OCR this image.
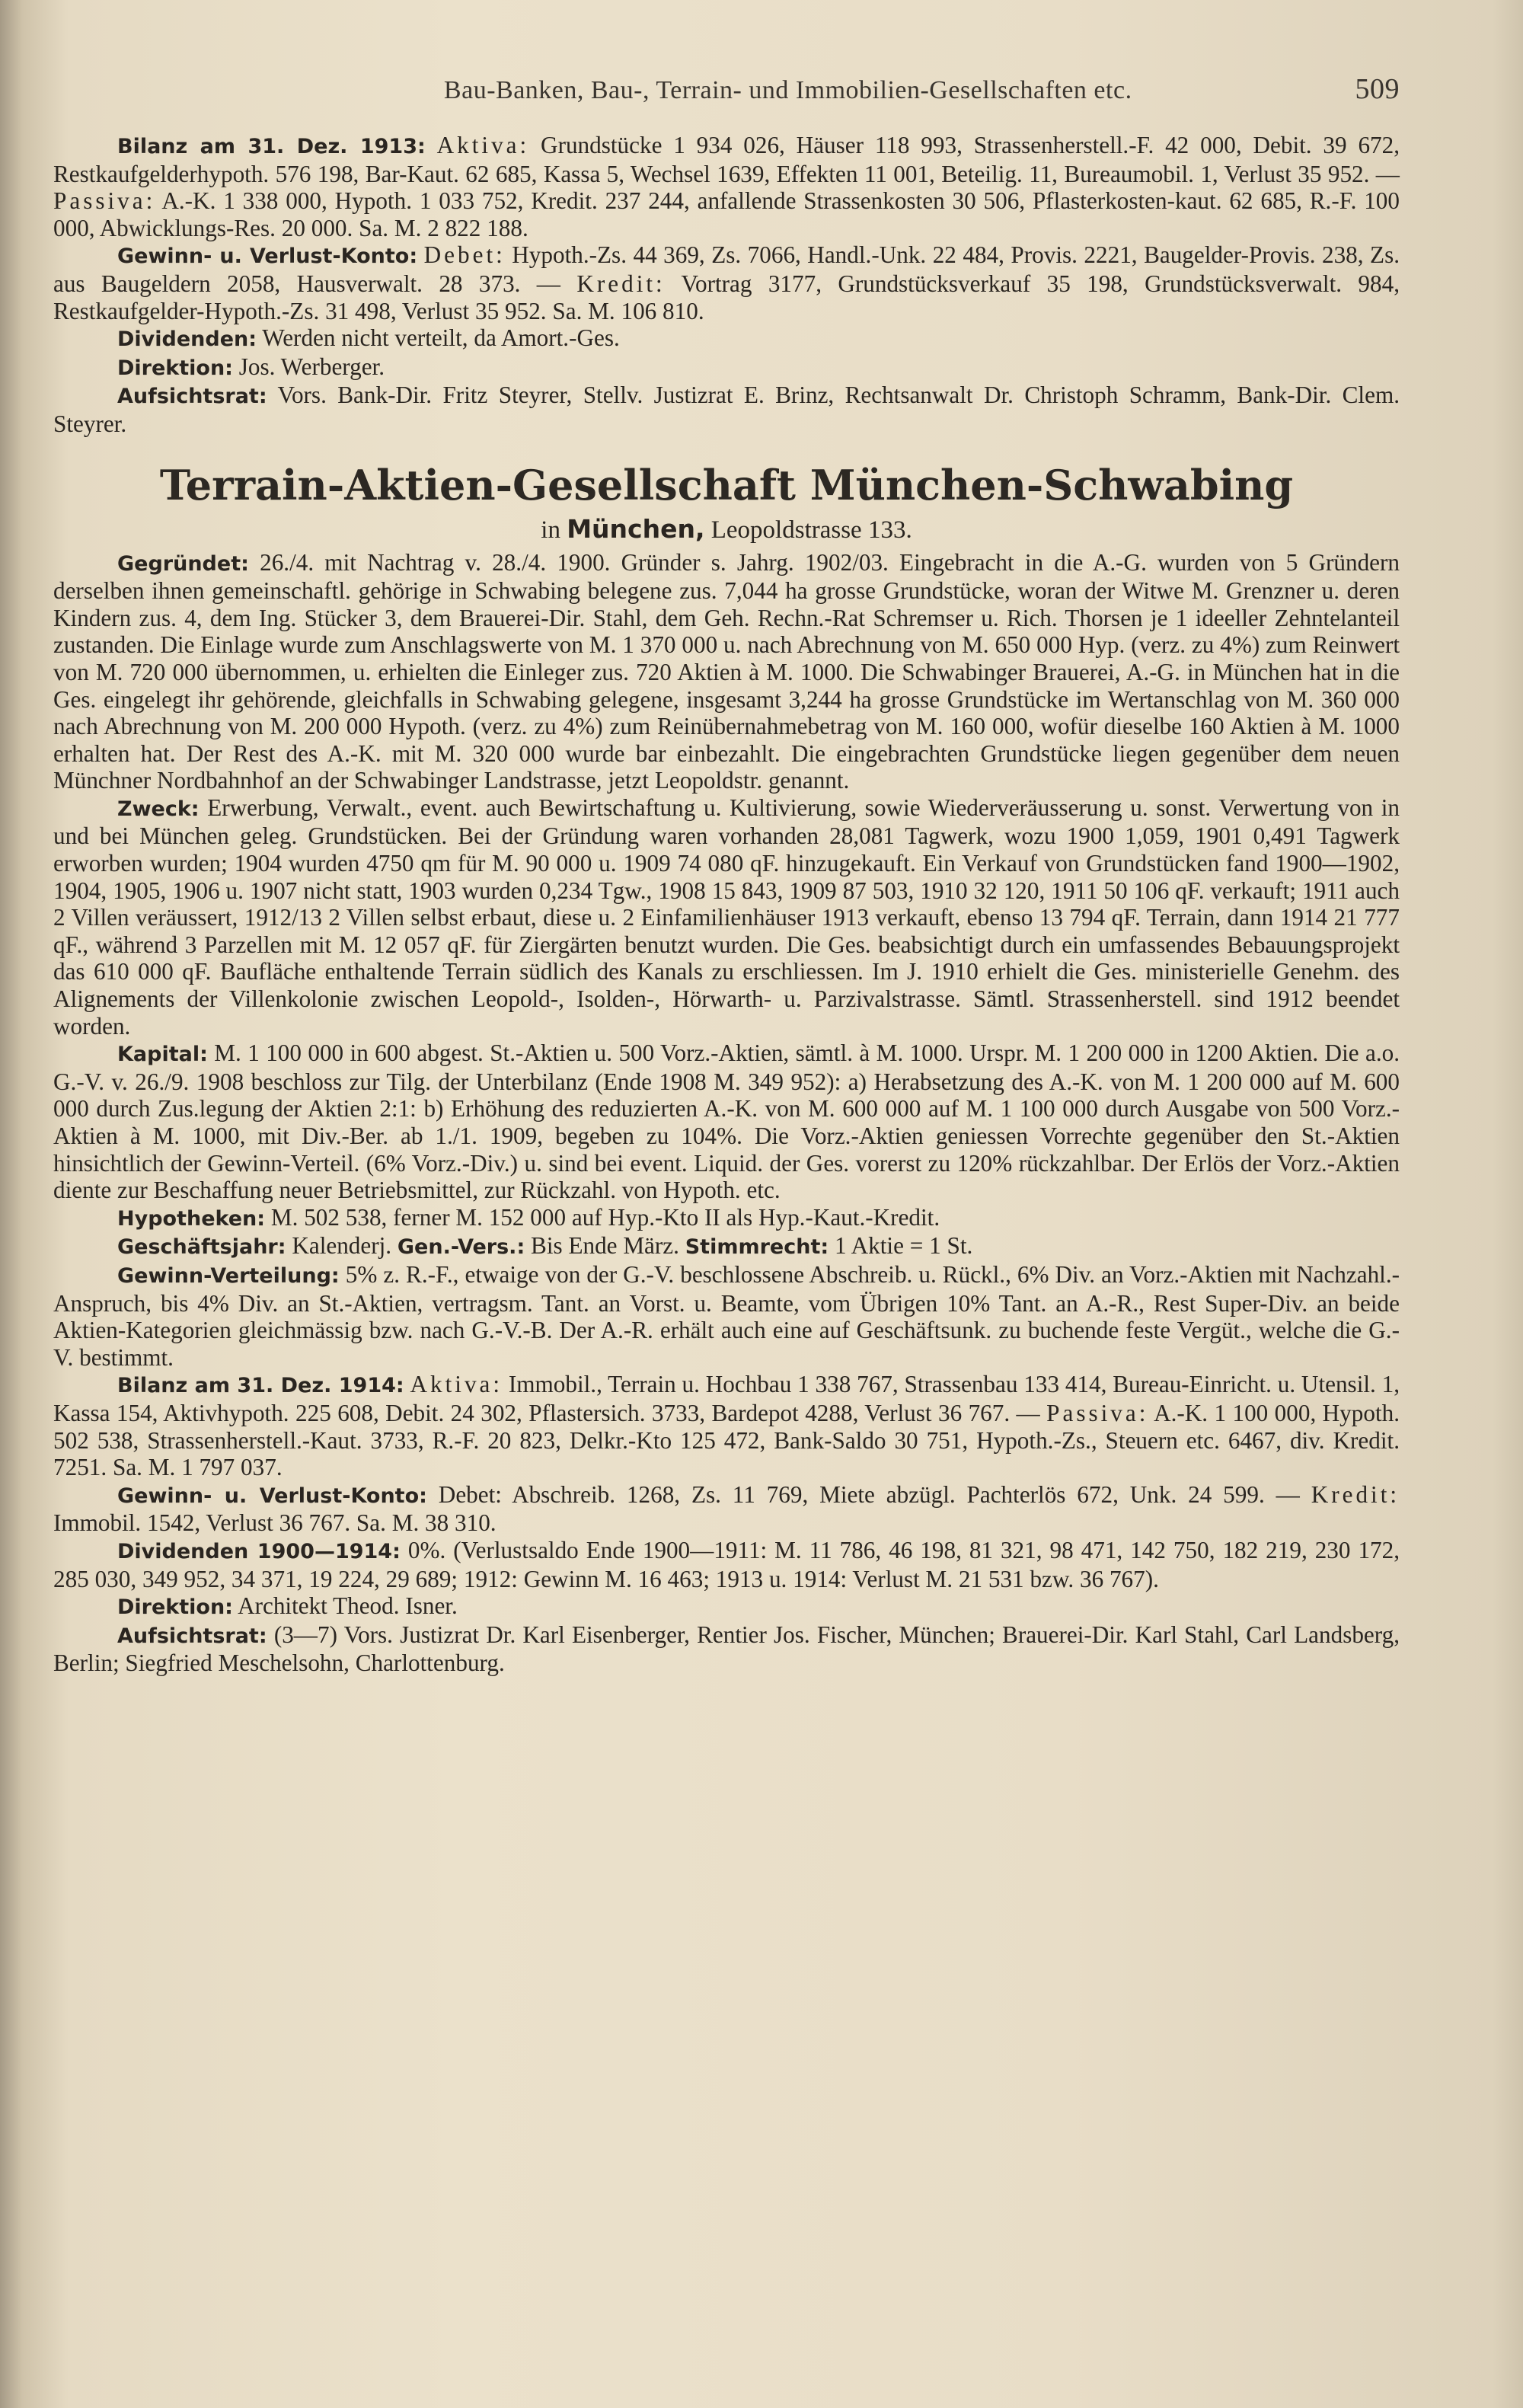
Bau-Banken, Bau-, Terrain- und Immobilien-Gesellschaften etc.	509

Bilanz am 31. Dez. 1913: Aktiva: Grundstücke 1 934 026, Häuser 118 993, Strassenherstell.-F. 42 000, Debit. 39 672, Restkaufgelderhypoth. 576 198, Bar-Kaut. 62 685, Kassa 5, Wechsel 1639, Effekten 11 001, Beteilig. 11, Bureaumobil. 1, Verlust 35 952. — Passiva: A.-K. 1 338 000, Hypoth. 1 033 752, Kredit. 237 244, anfallende Strassenkosten 30 506, Pflasterkosten-kaut. 62 685, R.-F. 100 000, Abwicklungs-Res. 20 000. Sa. M. 2 822 188.

Gewinn- u. Verlust-Konto: Debet: Hypoth.-Zs. 44 369, Zs. 7066, Handl.-Unk. 22 484, Provis. 2221, Baugelder-Provis. 238, Zs. aus Baugeldern 2058, Hausverwalt. 28 373. — Kredit: Vortrag 3177, Grundstücksverkauf 35 198, Grundstücksverwalt. 984, Restkaufgelder-Hypoth.-Zs. 31 498, Verlust 35 952. Sa. M. 106 810.

Dividenden: Werden nicht verteilt, da Amort.-Ges.

Direktion: Jos. Werberger.

Aufsichtsrat: Vors. Bank-Dir. Fritz Steyrer, Stellv. Justizrat E. Brinz, Rechtsanwalt Dr. Christoph Schramm, Bank-Dir. Clem. Steyrer.

Terrain-Aktien-Gesellschaft München-Schwabing
in München, Leopoldstrasse 133.

Gegründet: 26./4. mit Nachtrag v. 28./4. 1900. Gründer s. Jahrg. 1902/03. Eingebracht in die A.-G. wurden von 5 Gründern derselben ihnen gemeinschaftl. gehörige in Schwabing belegene zus. 7,044 ha grosse Grundstücke, woran der Witwe M. Grenzner u. deren Kindern zus. 4, dem Ing. Stücker 3, dem Brauerei-Dir. Stahl, dem Geh. Rechn.-Rat Schremser u. Rich. Thorsen je 1 ideeller Zehntelanteil zustanden. Die Einlage wurde zum Anschlagswerte von M. 1 370 000 u. nach Abrechnung von M. 650 000 Hyp. (verz. zu 4%) zum Reinwert von M. 720 000 übernommen, u. erhielten die Einleger zus. 720 Aktien à M. 1000. Die Schwabinger Brauerei, A.-G. in München hat in die Ges. eingelegt ihr gehörende, gleichfalls in Schwabing gelegene, insgesamt 3,244 ha grosse Grundstücke im Wertanschlag von M. 360 000 nach Abrechnung von M. 200 000 Hypoth. (verz. zu 4%) zum Reinübernahmebetrag von M. 160 000, wofür dieselbe 160 Aktien à M. 1000 erhalten hat. Der Rest des A.-K. mit M. 320 000 wurde bar einbezahlt. Die eingebrachten Grundstücke liegen gegenüber dem neuen Münchner Nordbahnhof an der Schwabinger Landstrasse, jetzt Leopoldstr. genannt.

Zweck: Erwerbung, Verwalt., event. auch Bewirtschaftung u. Kultivierung, sowie Wiederveräusserung u. sonst. Verwertung von in und bei München geleg. Grundstücken. Bei der Gründung waren vorhanden 28,081 Tagwerk, wozu 1900 1,059, 1901 0,491 Tagwerk erworben wurden; 1904 wurden 4750 qm für M. 90 000 u. 1909 74 080 qF. hinzugekauft. Ein Verkauf von Grundstücken fand 1900—1902, 1904, 1905, 1906 u. 1907 nicht statt, 1903 wurden 0,234 Tgw., 1908 15 843, 1909 87 503, 1910 32 120, 1911 50 106 qF. verkauft; 1911 auch 2 Villen veräussert, 1912/13 2 Villen selbst erbaut, diese u. 2 Einfamilienhäuser 1913 verkauft, ebenso 13 794 qF. Terrain, dann 1914 21 777 qF., während 3 Parzellen mit M. 12 057 qF. für Ziergärten benutzt wurden. Die Ges. beabsichtigt durch ein umfassendes Bebauungsprojekt das 610 000 qF. Baufläche enthaltende Terrain südlich des Kanals zu erschliessen. Im J. 1910 erhielt die Ges. ministerielle Genehm. des Alignements der Villenkolonie zwischen Leopold-, Isolden-, Hörwarth- u. Parzivalstrasse. Sämtl. Strassenherstell. sind 1912 beendet worden.

Kapital: M. 1 100 000 in 600 abgest. St.-Aktien u. 500 Vorz.-Aktien, sämtl. à M. 1000. Urspr. M. 1 200 000 in 1200 Aktien. Die a.o. G.-V. v. 26./9. 1908 beschloss zur Tilg. der Unterbilanz (Ende 1908 M. 349 952): a) Herabsetzung des A.-K. von M. 1 200 000 auf M. 600 000 durch Zus.legung der Aktien 2:1: b) Erhöhung des reduzierten A.-K. von M. 600 000 auf M. 1 100 000 durch Ausgabe von 500 Vorz.-Aktien à M. 1000, mit Div.-Ber. ab 1./1. 1909, begeben zu 104%. Die Vorz.-Aktien geniessen Vorrechte gegenüber den St.-Aktien hinsichtlich der Gewinn-Verteil. (6% Vorz.-Div.) u. sind bei event. Liquid. der Ges. vorerst zu 120% rückzahlbar. Der Erlös der Vorz.-Aktien diente zur Beschaffung neuer Betriebsmittel, zur Rückzahl. von Hypoth. etc.

Hypotheken: M. 502 538, ferner M. 152 000 auf Hyp.-Kto II als Hyp.-Kaut.-Kredit.

Geschäftsjahr: Kalenderj. Gen.-Vers.: Bis Ende März. Stimmrecht: 1 Aktie = 1 St.

Gewinn-Verteilung: 5% z. R.-F., etwaige von der G.-V. beschlossene Abschreib. u. Rückl., 6% Div. an Vorz.-Aktien mit Nachzahl.-Anspruch, bis 4% Div. an St.-Aktien, vertragsm. Tant. an Vorst. u. Beamte, vom Übrigen 10% Tant. an A.-R., Rest Super-Div. an beide Aktien-Kategorien gleichmässig bzw. nach G.-V.-B. Der A.-R. erhält auch eine auf Geschäftsunk. zu buchende feste Vergüt., welche die G.-V. bestimmt.

Bilanz am 31. Dez. 1914: Aktiva: Immobil., Terrain u. Hochbau 1 338 767, Strassenbau 133 414, Bureau-Einricht. u. Utensil. 1, Kassa 154, Aktivhypoth. 225 608, Debit. 24 302, Pflastersich. 3733, Bardepot 4288, Verlust 36 767. — Passiva: A.-K. 1 100 000, Hypoth. 502 538, Strassenherstell.-Kaut. 3733, R.-F. 20 823, Delkr.-Kto 125 472, Bank-Saldo 30 751, Hypoth.-Zs., Steuern etc. 6467, div. Kredit. 7251. Sa. M. 1 797 037.

Gewinn- u. Verlust-Konto: Debet: Abschreib. 1268, Zs. 11 769, Miete abzügl. Pachterlös 672, Unk. 24 599. — Kredit: Immobil. 1542, Verlust 36 767. Sa. M. 38 310.

Dividenden 1900—1914: 0%. (Verlustsaldo Ende 1900—1911: M. 11 786, 46 198, 81 321, 98 471, 142 750, 182 219, 230 172, 285 030, 349 952, 34 371, 19 224, 29 689; 1912: Gewinn M. 16 463; 1913 u. 1914: Verlust M. 21 531 bzw. 36 767).

Direktion: Architekt Theod. Isner.

Aufsichtsrat: (3—7) Vors. Justizrat Dr. Karl Eisenberger, Rentier Jos. Fischer, München; Brauerei-Dir. Karl Stahl, Carl Landsberg, Berlin; Siegfried Meschelsohn, Charlottenburg.
